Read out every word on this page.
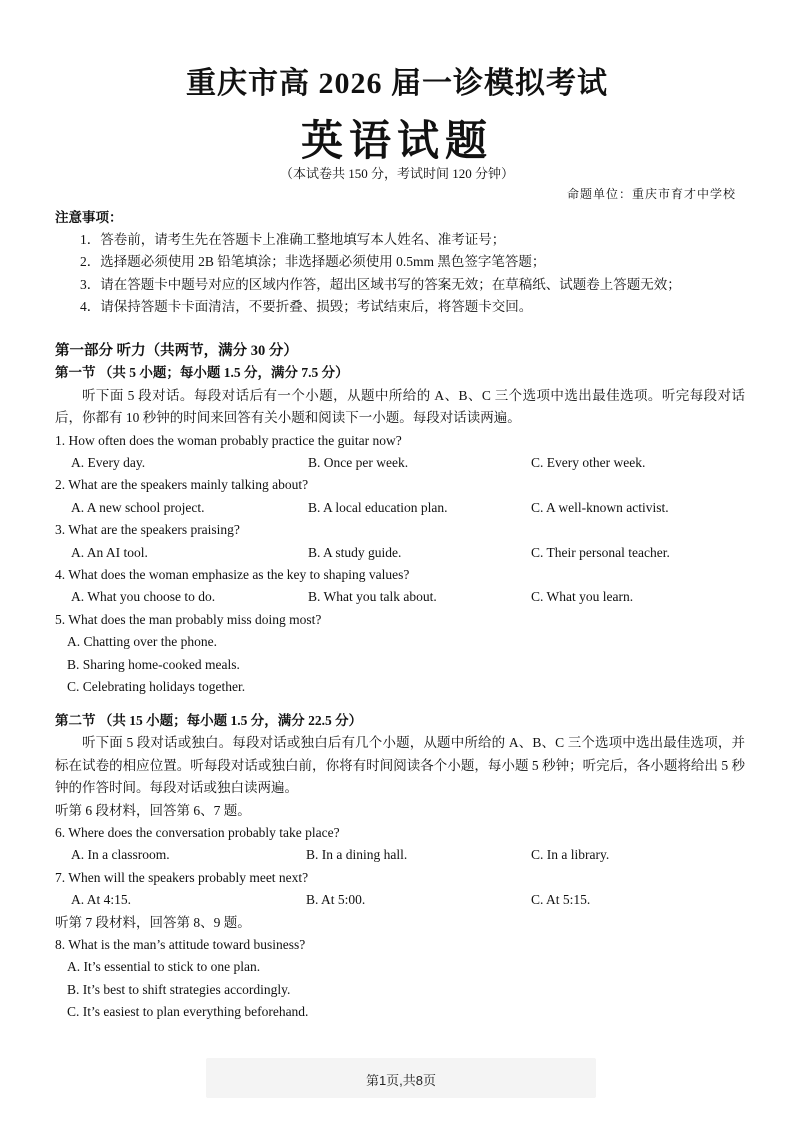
重庆市高 2026 届一诊模拟考试
英语试题
（本试卷共 150 分，考试时间 120 分钟）
命题单位：重庆市育才中学校
注意事项：
1．答卷前，请考生先在答题卡上准确工整地填写本人姓名、准考证号；
2．选择题必须使用 2B 铅笔填涂；非选择题必须使用 0.5mm 黑色签字笔答题；
3．请在答题卡中题号对应的区域内作答，超出区域书写的答案无效；在草稿纸、试题卷上答题无效；
4．请保持答题卡卡面清洁，不要折叠、损毁；考试结束后，将答题卡交回。
第一部分 听力（共两节，满分 30 分）
第一节 （共 5 小题；每小题 1.5 分，满分 7.5 分）
听下面 5 段对话。每段对话后有一个小题，从题中所给的 A、B、C 三个选项中选出最佳选项。听完每段对话后，你都有 10 秒钟的时间来回答有关小题和阅读下一小题。每段对话读两遍。
1. How often does the woman probably practice the guitar now?
A. Every day.	B. Once per week.	C. Every other week.
2. What are the speakers mainly talking about?
A. A new school project.	B. A local education plan.	C. A well-known activist.
3. What are the speakers praising?
A. An AI tool.	B. A study guide.	C. Their personal teacher.
4. What does the woman emphasize as the key to shaping values?
A. What you choose to do.	B. What you talk about.	C. What you learn.
5. What does the man probably miss doing most?
A. Chatting over the phone.
B. Sharing home-cooked meals.
C. Celebrating holidays together.
第二节 （共 15 小题；每小题 1.5 分，满分 22.5 分）
听下面 5 段对话或独白。每段对话或独白后有几个小题，从题中所给的 A、B、C 三个选项中选出最佳选项，并标在试卷的相应位置。听每段对话或独白前，你将有时间阅读各个小题，每小题 5 秒钟；听完后，各小题将给出 5 秒钟的作答时间。每段对话或独白读两遍。
听第 6 段材料，回答第 6、7 题。
6. Where does the conversation probably take place?
A. In a classroom.	B. In a dining hall.	C. In a library.
7. When will the speakers probably meet next?
A. At 4:15.	B. At 5:00.	C. At 5:15.
听第 7 段材料，回答第 8、9 题。
8. What is the man’s attitude toward business?
A. It’s essential to stick to one plan.
B. It’s best to shift strategies accordingly.
C. It’s easiest to plan everything beforehand.
第1页,共8页
